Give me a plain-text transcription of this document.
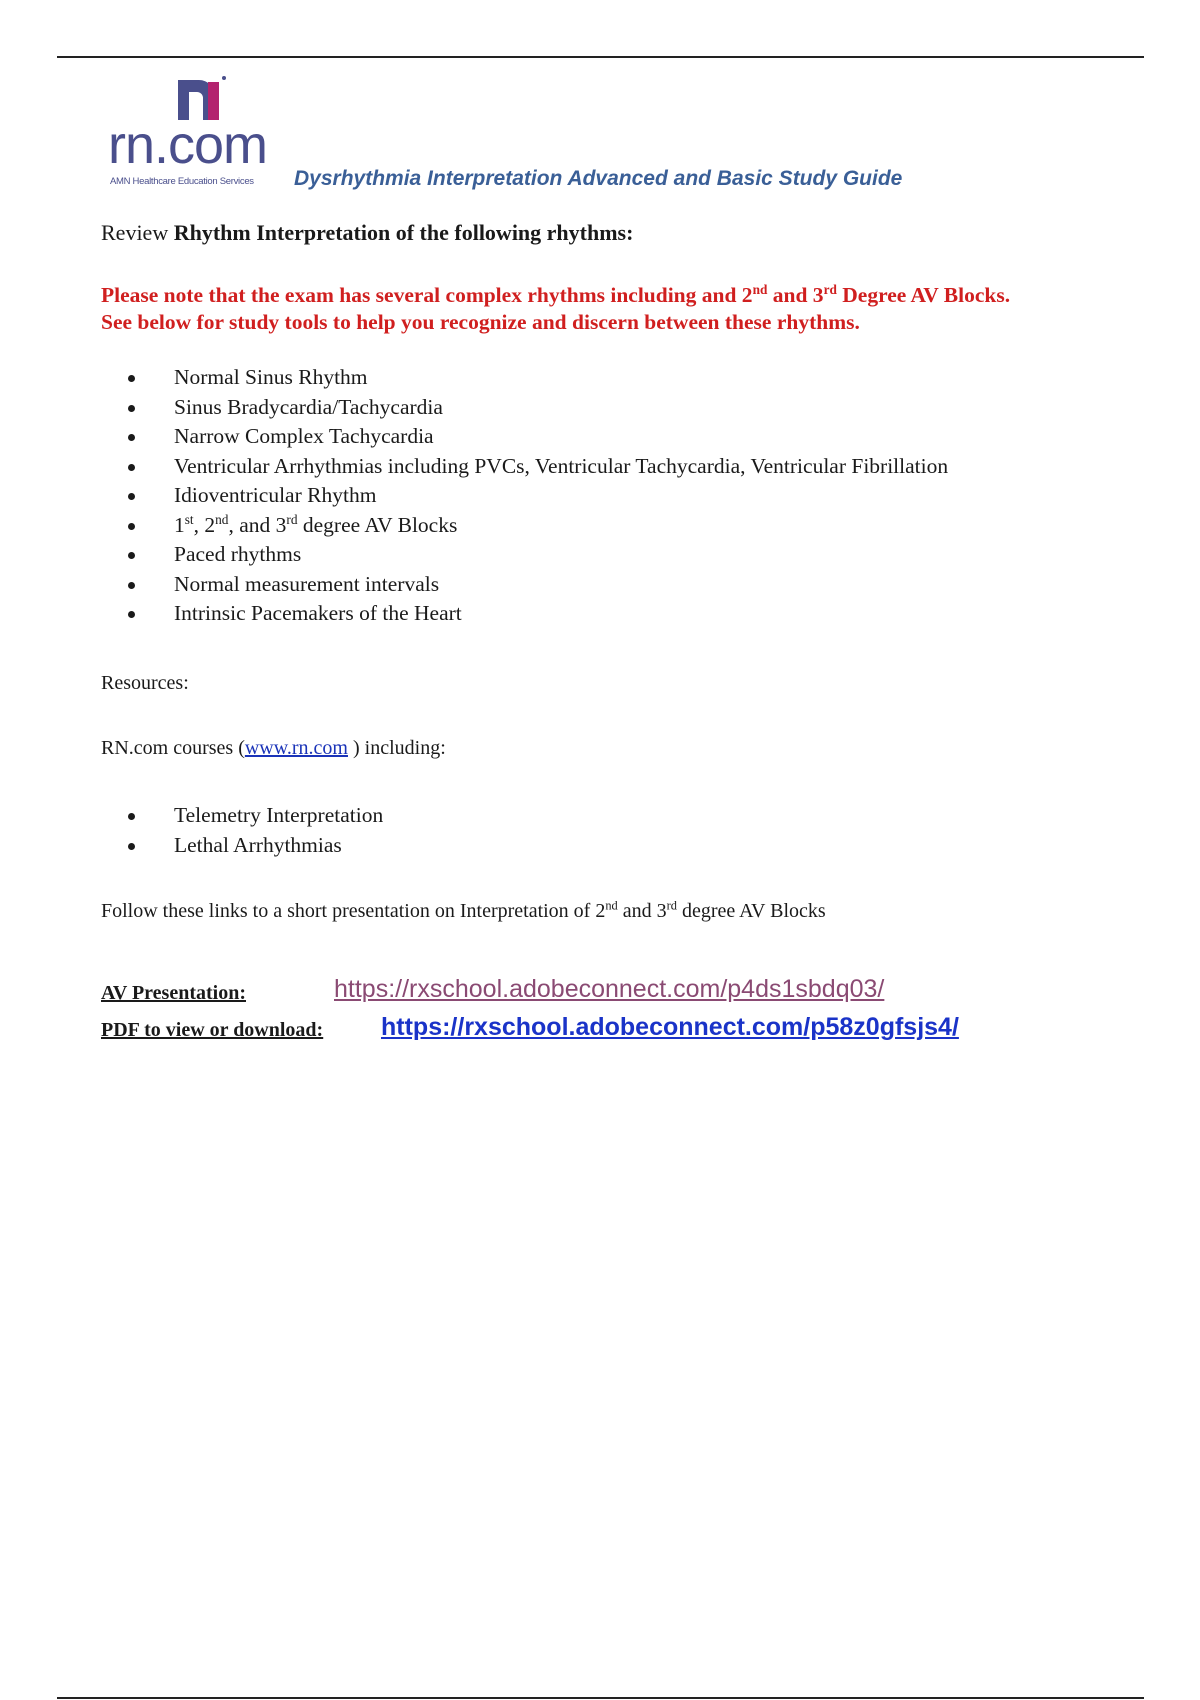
rn.com
AMN Healthcare Education Services Dysrhythmia Interpretation Advanced and Basic Study Guide
Review Rhythm Interpretation of the following rhythms:
Please note that the exam has several complex rhythms including and 2nd and 3rd Degree AV Blocks.
See below for study tools to help you recognize and discern between these rhythms.
Normal Sinus Rhythm
Sinus Bradycardia/Tachycardia
Narrow Complex Tachycardia
Ventricular Arrhythmias including PVCs, Ventricular Tachycardia, Ventricular Fibrillation
Idioventricular Rhythm
1st, 2nd, and 3rd degree AV Blocks
Paced rhythms
Normal measurement intervals
Intrinsic Pacemakers of the Heart
Resources:
RN.com courses (www.rn.com ) including:
Telemetry Interpretation
Lethal Arrhythmias
Follow these links to a short presentation on Interpretation of 2nd and 3rd degree AV Blocks
AV Presentation:	https://rxschool.adobeconnect.com/p4ds1sbdq03/
PDF to view or download: https://rxschool.adobeconnect.com/p58z0gfsjs4/
